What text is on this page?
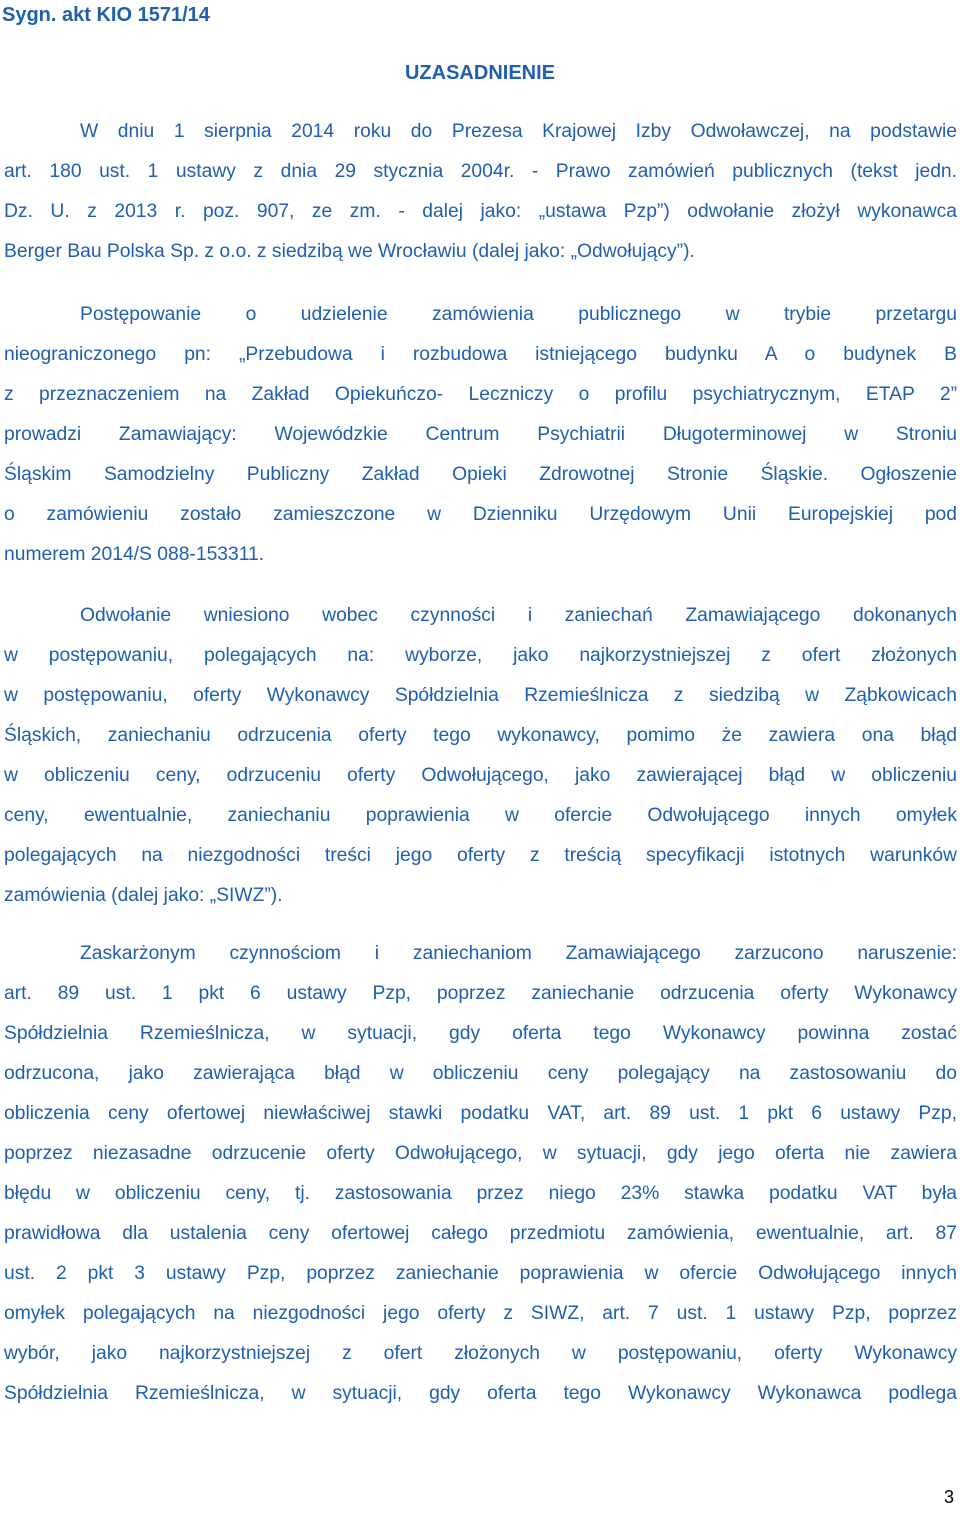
Sygn. akt KIO 1571/14
UZASADNIENIE
W dniu 1 sierpnia 2014 roku do Prezesa Krajowej Izby Odwoławczej, na podstawie
art. 180 ust. 1 ustawy z dnia 29 stycznia 2004r. - Prawo zamówień publicznych (tekst jedn.
Dz. U. z 2013 r. poz. 907, ze zm. - dalej jako: „ustawa Pzp”) odwołanie złożył wykonawca
Berger Bau Polska Sp. z o.o. z siedzibą we Wrocławiu (dalej jako: „Odwołujący”).
Postępowanie o udzielenie zamówienia publicznego w trybie przetargu
nieograniczonego pn: „Przebudowa i rozbudowa istniejącego budynku A o budynek B
z przeznaczeniem na Zakład Opiekuńczo- Leczniczy o profilu psychiatrycznym, ETAP 2”
prowadzi Zamawiający: Wojewódzkie Centrum Psychiatrii Długoterminowej w Stroniu
Śląskim Samodzielny Publiczny Zakład Opieki Zdrowotnej Stronie Śląskie. Ogłoszenie
o zamówieniu zostało zamieszczone w Dzienniku Urzędowym Unii Europejskiej pod
numerem 2014/S 088-153311.
Odwołanie wniesiono wobec czynności i zaniechań Zamawiającego dokonanych
w postępowaniu, polegających na: wyborze, jako najkorzystniejszej z ofert złożonych
w postępowaniu, oferty Wykonawcy Spółdzielnia Rzemieślnicza z siedzibą w Ząbkowicach
Śląskich, zaniechaniu odrzucenia oferty tego wykonawcy, pomimo że zawiera ona błąd
w obliczeniu ceny, odrzuceniu oferty Odwołującego, jako zawierającej błąd w obliczeniu
ceny, ewentualnie, zaniechaniu poprawienia w ofercie Odwołującego innych omyłek
polegających na niezgodności treści jego oferty z treścią specyfikacji istotnych warunków
zamówienia (dalej jako: „SIWZ”).
Zaskarżonym czynnościom i zaniechaniom Zamawiającego zarzucono naruszenie:
art. 89 ust. 1 pkt 6 ustawy Pzp, poprzez zaniechanie odrzucenia oferty Wykonawcy
Spółdzielnia Rzemieślnicza, w sytuacji, gdy oferta tego Wykonawcy powinna zostać
odrzucona, jako zawierająca błąd w obliczeniu ceny polegający na zastosowaniu do
obliczenia ceny ofertowej niewłaściwej stawki podatku VAT, art. 89 ust. 1 pkt 6 ustawy Pzp,
poprzez niezasadne odrzucenie oferty Odwołującego, w sytuacji, gdy jego oferta nie zawiera
błędu w obliczeniu ceny, tj. zastosowania przez niego 23% stawka podatku VAT była
prawidłowa dla ustalenia ceny ofertowej całego przedmiotu zamówienia, ewentualnie, art. 87
ust. 2 pkt 3 ustawy Pzp, poprzez zaniechanie poprawienia w ofercie Odwołującego innych
omyłek polegających na niezgodności jego oferty z SIWZ, art. 7 ust. 1 ustawy Pzp, poprzez
wybór, jako najkorzystniejszej z ofert złożonych w postępowaniu, oferty Wykonawcy
Spółdzielnia Rzemieślnicza, w sytuacji, gdy oferta tego Wykonawcy Wykonawca podlega
3
